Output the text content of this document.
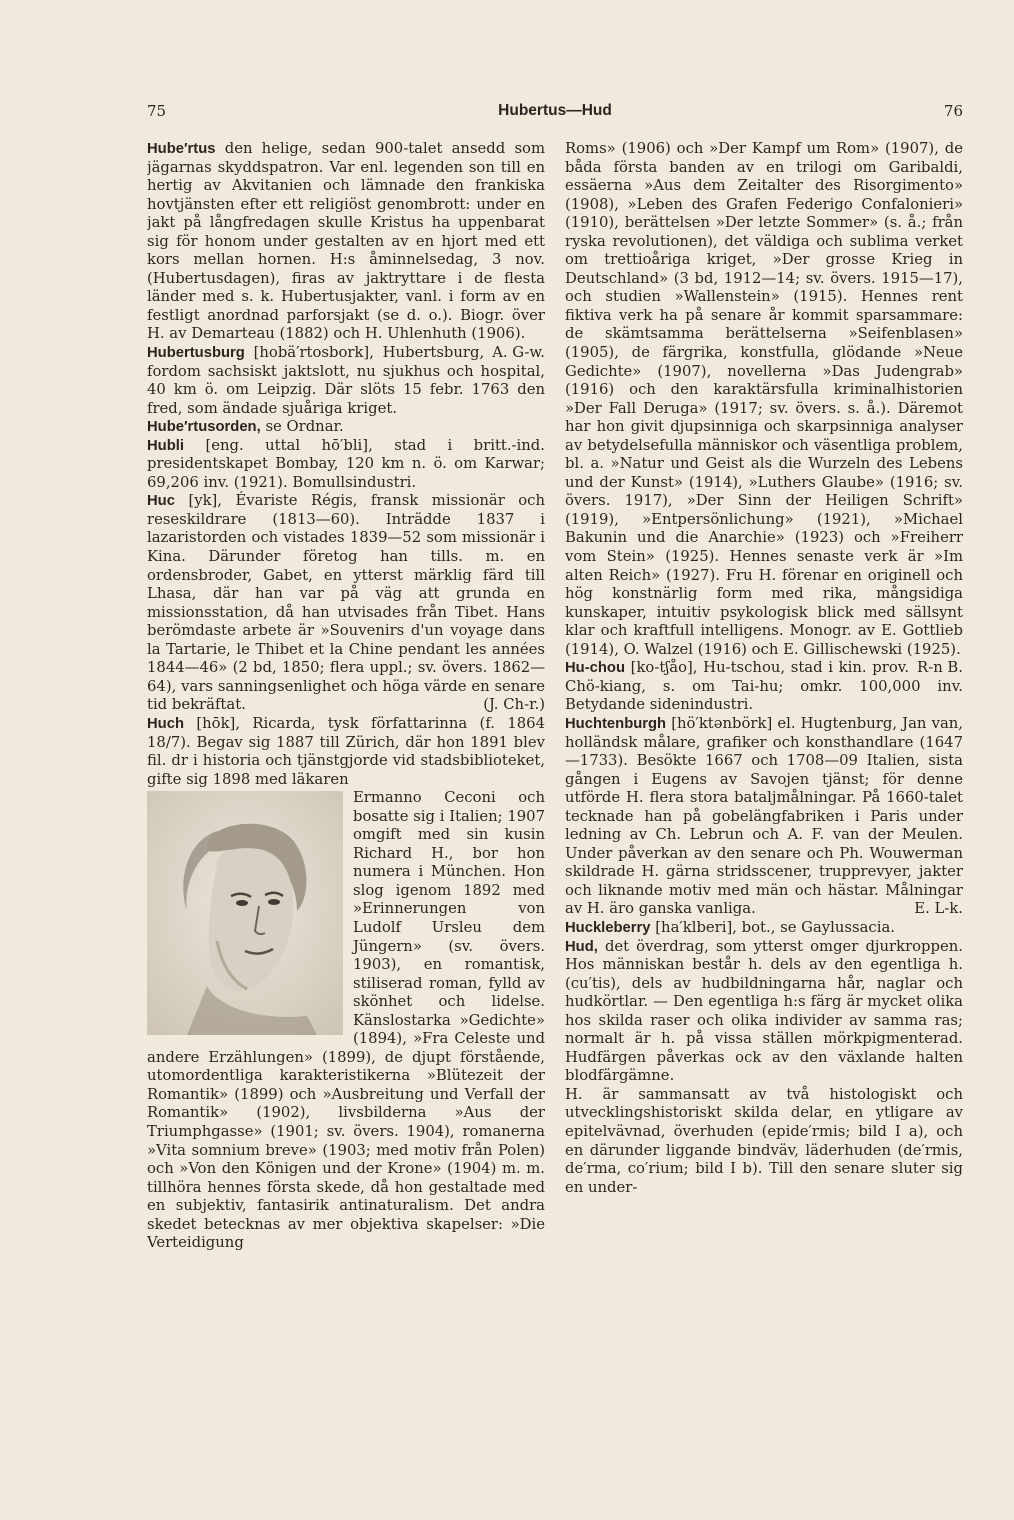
75	Hubertus—Hud	76

Hube′rtus den helige, sedan 900-talet ansedd som jägarnas skyddspatron. Var enl. legenden son till en hertig av Akvitanien och lämnade den frankiska hovtjänsten efter ett religiöst genombrott: under en jakt på långfredagen skulle Kristus ha uppenbarat sig för honom under gestalten av en hjort med ett kors mellan hornen. H:s åminnelsedag, 3 nov. (Hubertusdagen), firas av jaktryttare i de flesta länder med s. k. Hubertusjakter, vanl. i form av en festligt anordnad parforsjakt (se d. o.). Biogr. över H. av Demarteau (1882) och H. Uhlenhuth (1906).
A. G-w.

Hubertusburg [hobä′rtosbork], Hubertsburg, fordom sachsiskt jaktslott, nu sjukhus och hospital, 40 km ö. om Leipzig. Där slöts 15 febr. 1763 den fred, som ändade sjuåriga kriget.

Hube′rtusorden, se Ordnar.

Hubli [eng. uttal hō′bli], stad i britt.-ind. presidentskapet Bombay, 120 km n. ö. om Karwar; 69,206 inv. (1921). Bomullsindustri.

Huc [yk], Évariste Régis, fransk missionär och reseskildrare (1813—60). Inträdde 1837 i lazaristorden och vistades 1839—52 som missionär i Kina. Därunder företog han tills. m. en ordensbroder, Gabet, en ytterst märklig färd till Lhasa, där han var på väg att grunda en missionsstation, då han utvisades från Tibet. Hans berömdaste arbete är »Souvenirs d'un voyage dans la Tartarie, le Thibet et la Chine pendant les années 1844—46» (2 bd, 1850; flera uppl.; sv. övers. 1862—64), vars sanningsenlighet och höga värde en senare tid bekräftat.	(J. Ch-r.)

Huch [hōk], Ricarda, tysk författarinna (f. 1864 18/7). Begav sig 1887 till Zürich, där hon 1891 blev fil. dr i historia och tjänstgjorde vid stadsbiblioteket, gifte sig 1898 med läkaren

Ermanno Ceconi och bosatte sig i Italien; 1907 omgift med sin kusin Richard H., bor hon numera i München. Hon slog igenom 1892 med »Erinnerungen von Ludolf Ursleu dem Jüngern» (sv. övers. 1903), en romantisk, stiliserad roman, fylld av skönhet och lidelse. Känslostarka »Gedichte» (1894), »Fra Celeste und andere Erzählungen» (1899), de djupt förstående, utomordentliga karakteristikerna »Blütezeit der Romantik» (1899) och »Ausbreitung und Verfall der Romantik» (1902), livsbilderna »Aus der Triumphgasse» (1901; sv. övers. 1904), romanerna »Vita somnium breve» (1903; med motiv från Polen) och »Von den Königen und der Krone» (1904) m. m. tillhöra hennes första skede, då hon gestaltade med en subjektiv, fantasirik antinaturalism. Det andra skedet betecknas av mer objektiva skapelser: »Die Verteidigung

Roms» (1906) och »Der Kampf um Rom» (1907), de båda första banden av en trilogi om Garibaldi, essäerna »Aus dem Zeitalter des Risorgimento» (1908), »Leben des Grafen Federigo Confalonieri» (1910), berättelsen »Der letzte Sommer» (s. å.; från ryska revolutionen), det väldiga och sublima verket om trettioåriga kriget, »Der grosse Krieg in Deutschland» (3 bd, 1912—14; sv. övers. 1915—17), och studien »Wallenstein» (1915). Hennes rent fiktiva verk ha på senare år kommit sparsammare: de skämtsamma berättelserna »Seifenblasen» (1905), de färgrika, konstfulla, glödande »Neue Gedichte» (1907), novellerna »Das Judengrab» (1916) och den karaktärsfulla kriminalhistorien »Der Fall Deruga» (1917; sv. övers. s. å.). Däremot har hon givit djupsinniga och skarpsinniga analyser av betydelsefulla människor och väsentliga problem, bl. a. »Natur und Geist als die Wurzeln des Lebens und der Kunst» (1914), »Luthers Glaube» (1916; sv. övers. 1917), »Der Sinn der Heiligen Schrift» (1919), »Entpersönlichung» (1921), »Michael Bakunin und die Anarchie» (1923) och »Freiherr vom Stein» (1925). Hennes senaste verk är »Im alten Reich» (1927). Fru H. förenar en originell och hög konstnärlig form med rika, mångsidiga kunskaper, intuitiv psykologisk blick med sällsynt klar och kraftfull intelligens. Monogr. av E. Gottlieb (1914), O. Walzel (1916) och E. Gillischewski (1925).
R-n B.

Hu-chou [ko-tʃåo], Hu-tschou, stad i kin. prov. Chö-kiang, s. om Tai-hu; omkr. 100,000 inv. Betydande sidenindustri.

Huchtenburgh [hö′ktənbörk] el. Hugtenburg, Jan van, holländsk målare, grafiker och konsthandlare (1647—1733). Besökte 1667 och 1708—09 Italien, sista gången i Eugens av Savojen tjänst; för denne utförde H. flera stora bataljmålningar. På 1660-talet tecknade han på gobelängfabriken i Paris under ledning av Ch. Lebrun och A. F. van der Meulen. Under påverkan av den senare och Ph. Wouwerman skildrade H. gärna stridsscener, trupprevyer, jakter och liknande motiv med män och hästar. Målningar av H. äro ganska vanliga.	E. L-k.

Huckleberry [ha′klberi], bot., se Gaylussacia.

Hud, det överdrag, som ytterst omger djurkroppen. Hos människan består h. dels av den egentliga h. (cu′tis), dels av hudbildningarna hår, naglar och hudkörtlar. — Den egentliga h:s färg är mycket olika hos skilda raser och olika individer av samma ras; normalt är h. på vissa ställen mörkpigmenterad. Hudfärgen påverkas ock av den växlande halten blodfärgämne.

H. är sammansatt av två histologiskt och utvecklingshistoriskt skilda delar, en ytligare av epitelvävnad, överhuden (epide′rmis; bild I a), och en därunder liggande bindväv, läderhuden (de′rmis, de′rma, co′rium; bild I b). Till den senare sluter sig en under-
